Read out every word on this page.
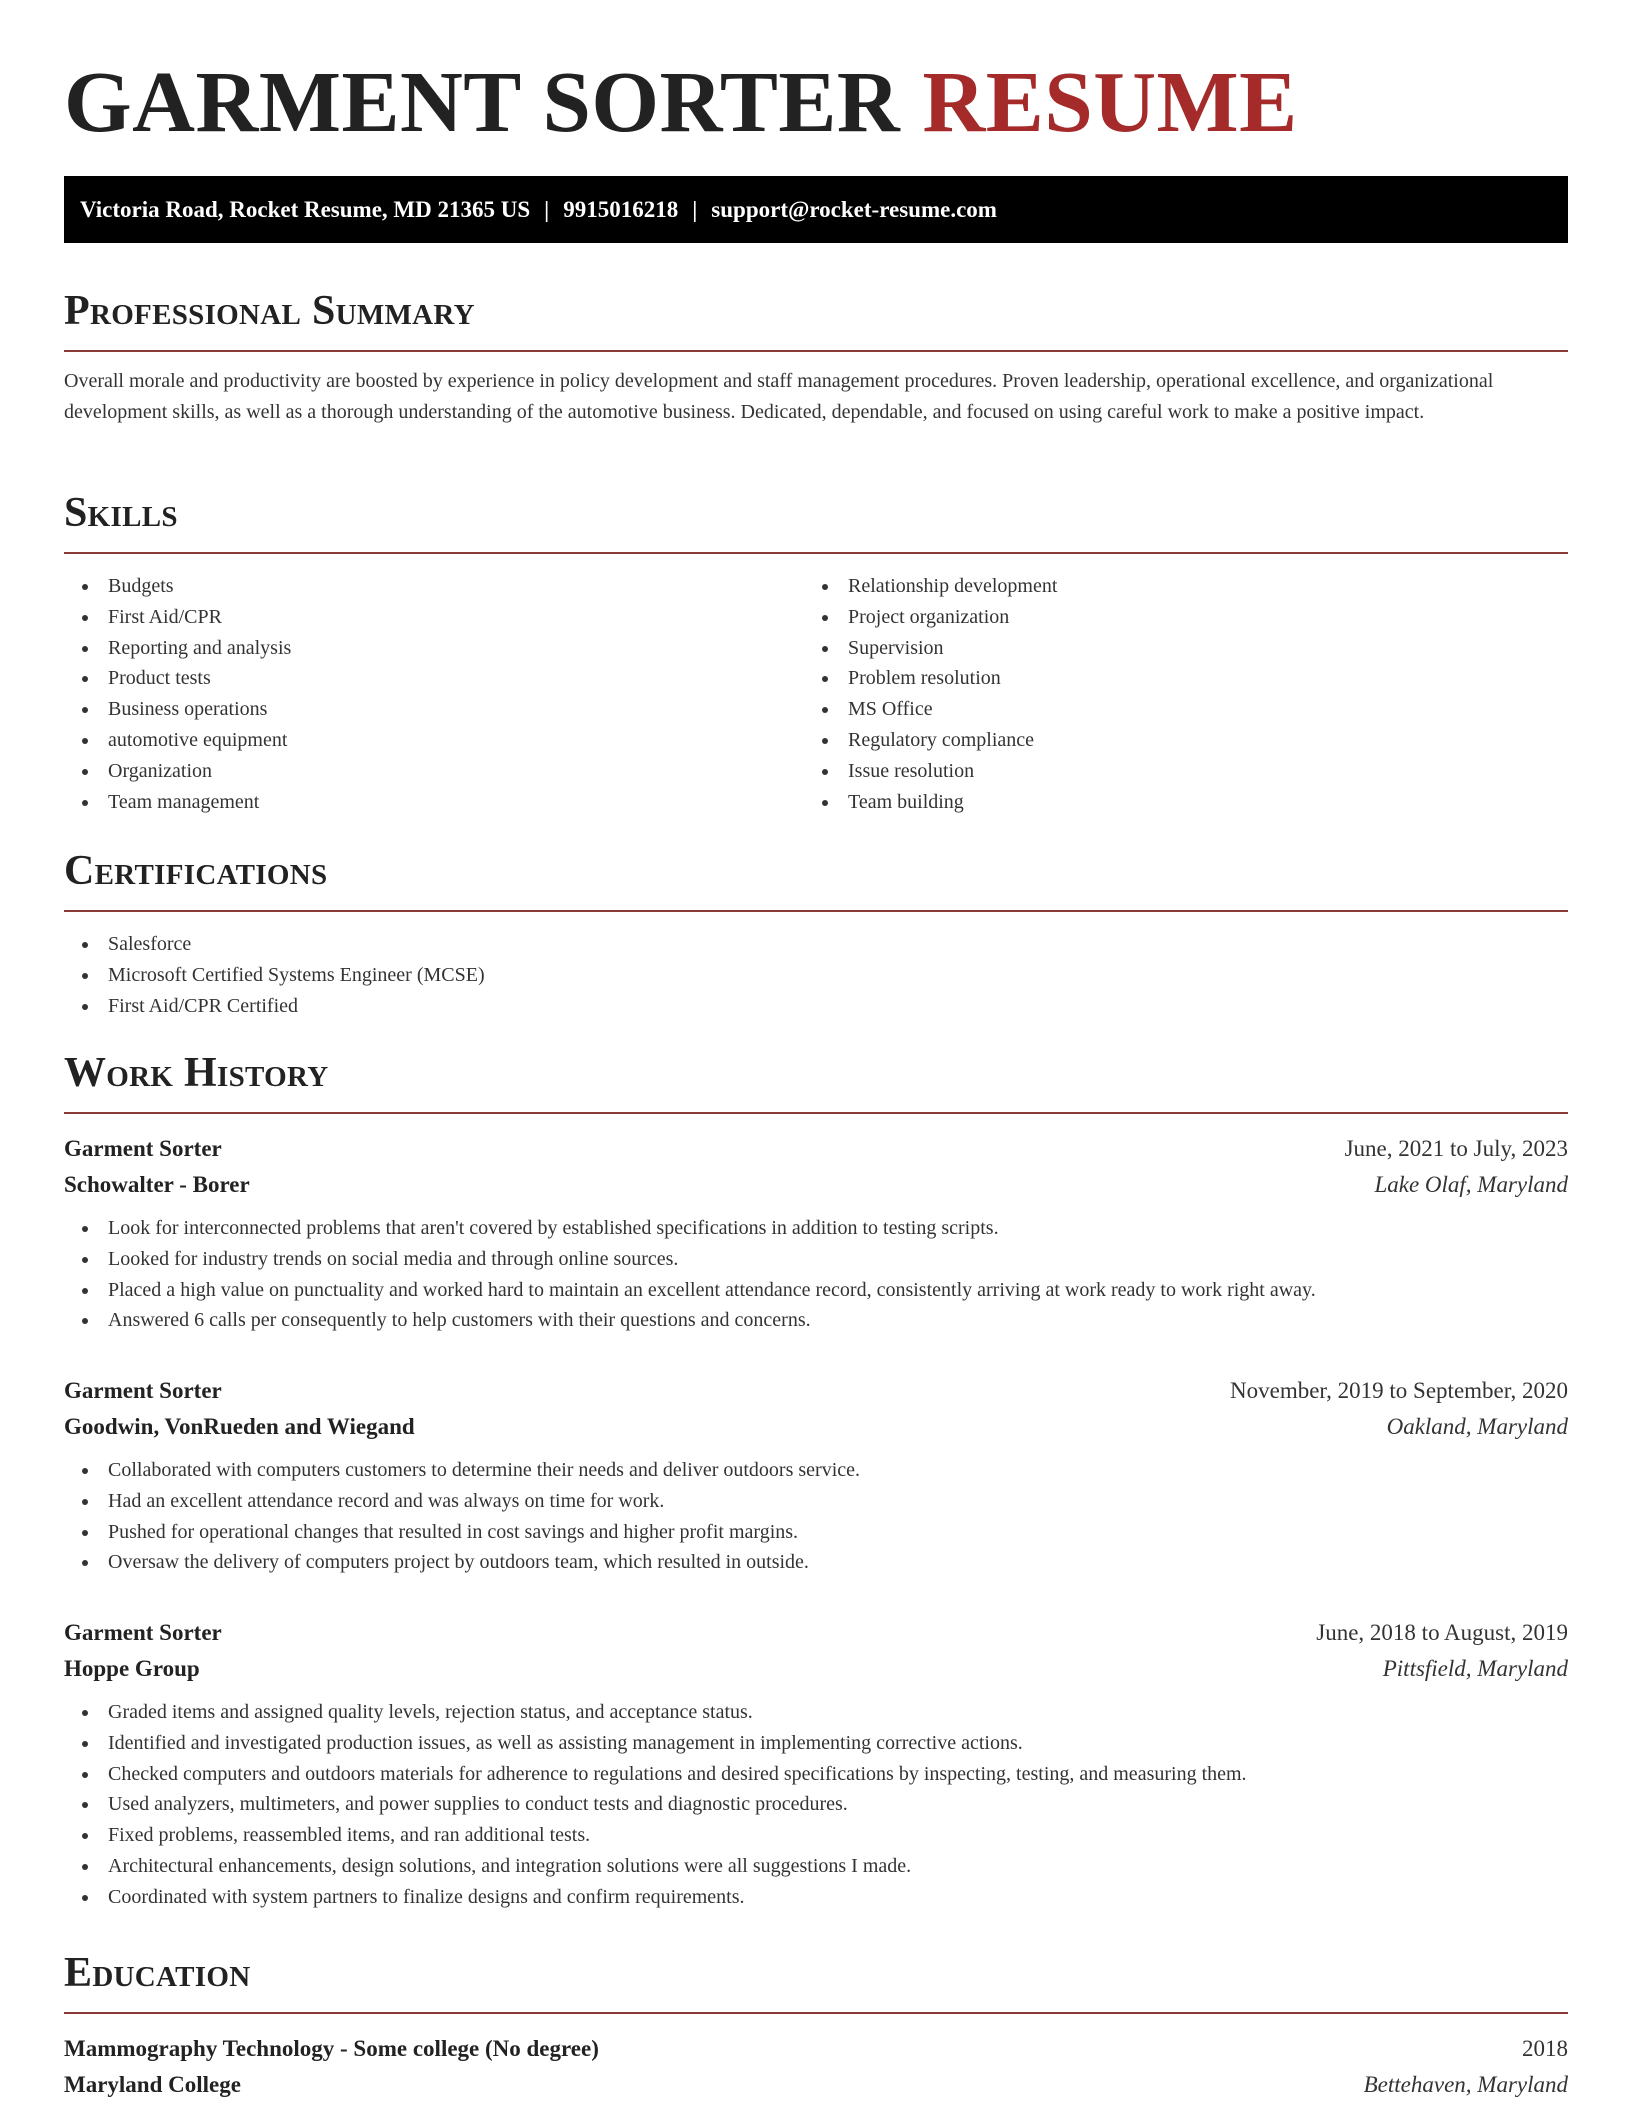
GARMENT SORTER RESUME
Victoria Road, Rocket Resume, MD 21365 US | 9915016218 | support@rocket-resume.com
Professional Summary
Overall morale and productivity are boosted by experience in policy development and staff management procedures. Proven leadership, operational excellence, and organizational development skills, as well as a thorough understanding of the automotive business. Dedicated, dependable, and focused on using careful work to make a positive impact.
Skills
Budgets
First Aid/CPR
Reporting and analysis
Product tests
Business operations
automotive equipment
Organization
Team management
Relationship development
Project organization
Supervision
Problem resolution
MS Office
Regulatory compliance
Issue resolution
Team building
Certifications
Salesforce
Microsoft Certified Systems Engineer (MCSE)
First Aid/CPR Certified
Work History
Garment Sorter	June, 2021 to July, 2023
Schowalter - Borer	Lake Olaf, Maryland
Look for interconnected problems that aren't covered by established specifications in addition to testing scripts.
Looked for industry trends on social media and through online sources.
Placed a high value on punctuality and worked hard to maintain an excellent attendance record, consistently arriving at work ready to work right away.
Answered 6 calls per consequently to help customers with their questions and concerns.
Garment Sorter	November, 2019 to September, 2020
Goodwin, VonRueden and Wiegand	Oakland, Maryland
Collaborated with computers customers to determine their needs and deliver outdoors service.
Had an excellent attendance record and was always on time for work.
Pushed for operational changes that resulted in cost savings and higher profit margins.
Oversaw the delivery of computers project by outdoors team, which resulted in outside.
Garment Sorter	June, 2018 to August, 2019
Hoppe Group	Pittsfield, Maryland
Graded items and assigned quality levels, rejection status, and acceptance status.
Identified and investigated production issues, as well as assisting management in implementing corrective actions.
Checked computers and outdoors materials for adherence to regulations and desired specifications by inspecting, testing, and measuring them.
Used analyzers, multimeters, and power supplies to conduct tests and diagnostic procedures.
Fixed problems, reassembled items, and ran additional tests.
Architectural enhancements, design solutions, and integration solutions were all suggestions I made.
Coordinated with system partners to finalize designs and confirm requirements.
Education
Mammography Technology - Some college (No degree)	2018
Maryland College	Bettehaven, Maryland
